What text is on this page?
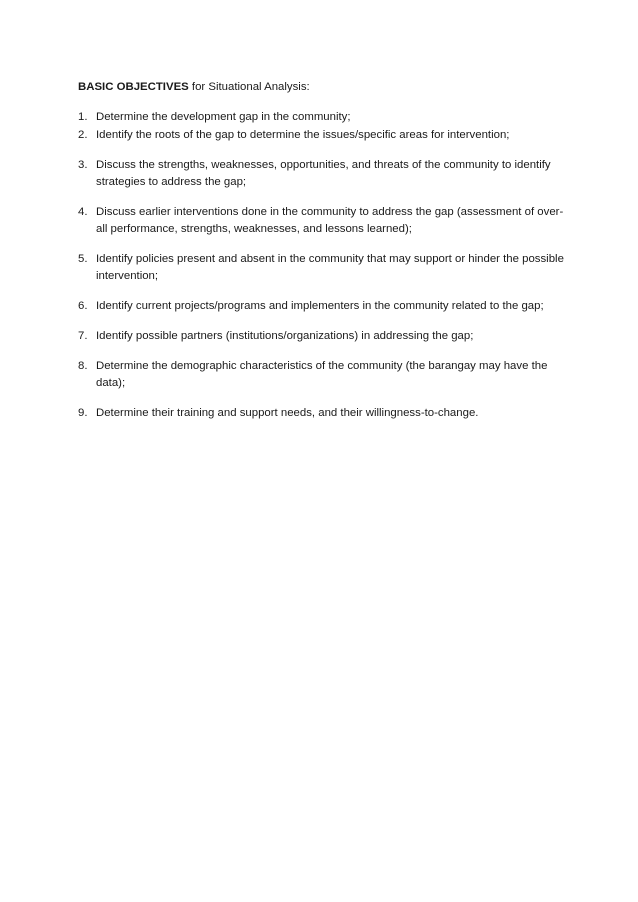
BASIC OBJECTIVES for Situational Analysis:

1. Determine the development gap in the community;
2. Identify the roots of the gap to determine the issues/specific areas for intervention;
3. Discuss the strengths, weaknesses, opportunities, and threats of the community to identify strategies to address the gap;
4. Discuss earlier interventions done in the community to address the gap (assessment of over-all performance, strengths, weaknesses, and lessons learned);
5. Identify policies present and absent in the community that may support or hinder the possible intervention;
6. Identify current projects/programs and implementers in the community related to the gap;
7. Identify possible partners (institutions/organizations) in addressing the gap;
8. Determine the demographic characteristics of the community (the barangay may have the data);
9. Determine their training and support needs, and their willingness-to-change.
